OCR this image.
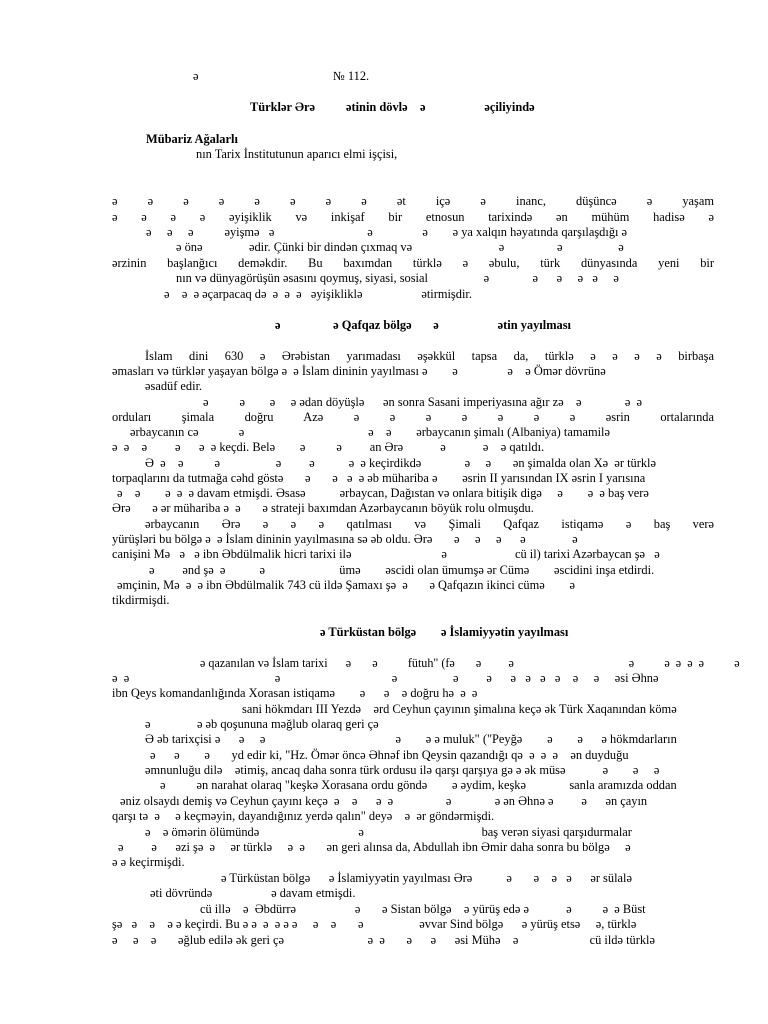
ə	№ 112.
Türklər Ərə          ətinin dövlə    ə                   əçiliyində
Mübariz Ağalarlı
nın Tarix İnstitutunun aparıcı elmi işçisi,
ə ə ə ə ə ə ə ə ət içə ə inanc, düşüncə ə yaşam
ə ə ə ə əyişiklik və inkişaf bir etnosun tarixində ən mühüm hadisə ə
ə     ə     ə          əyişmə   ə                              ə                ə        ə ya xalqın həyatında qarşılaşdığı ə
ə önə               ədir. Çünki bir dindən çıxmaq və                            ə                 ə                  ə
ərzinin başlanğıcı deməkdir. Bu baxımdan türklə ə əbulu, türk dünyasında yeni bir
nın və dünyagörüşün əsasını qoymuş, siyasi, sosial                  ə              ə      ə     ə   ə     ə
ə    ə  ə əçarpacaq də  ə  ə  ə   əyişikliklə                   ətirmişdir.
ə                 ə Qafqaz bölgə       ə                   ətin yayılması
İslam dini 630 ə Ərəbistan yarımadası əşəkkül tapsa da, türklə ə ə ə ə birbaşa
əmasları və türklər yaşayan bölgə ə  ə İslam dininin yayılması ə        ə                ə    ə Ömər dövrünə
əsadüf edir.
ə          ə        ə     ə ədan döyüşlə      ən sonra Sasani imperiyasına ağır zə    ə              ə  ə
orduları şimala doğru Azə ə ə ə ə ə ə ə əsrin ortalarında
ərbaycanın cə             ə                                        ə    ə        ərbaycanın şimalı (Albaniya) tamamilə
ə  ə    ə         ə      ə  ə keçdi. Belə        ə          ə         an Ərə            ə            ə    ə qatıldı.
Ə  ə    ə          ə                  ə         ə           ə  ə keçirdikdə              ə     ə       ən şimalda olan Xə  ər türklə
torpaqlarını da tutmağa cəhd göstə       ə       ə   ə  ə əb mühariba ə        əsrin II yarısından IX əsrin I yarısına
ə    ə        ə  ə  ə davam etmişdi. Əsasə           ərbaycan, Dağıstan və onlara bitişik digə     ə        ə  ə baş verə
Ərə       ə ər mühariba ə  ə       ə strateji baxımdan Azərbaycanın böyük rolu olmuşdu.
ərbaycanın Ərə ə ə ə qatılması və Şimali Qafqaz istiqamə ə baş verə
yürüşləri bu bölgə ə  ə İslam dininin yayılmasına sə əb oldu. Ərə       ə     ə     ə      ə               ə
canişini Mə   ə   ə ibn Əbdülmalik hicri tarixi ilə                             ə                      cü il) tarixi Azərbaycan şə   ə
ə         ənd şə  ə           ə                        ümə        əscidi olan ümumşə ər Cümə        əscidini inşa etdirdi.
əmçinin, Mə  ə  ə ibn Əbdülmalik 743 cü ildə Şamaxı şə  ə       ə Qafqazın ikinci cümə        ə
tikdirmişdi.
ə Türküstan bölgə        ə İslamiyyətin yayılması
ə qazanılan və İslam tarixi      ə       ə          fütuh" (fə       ə         ə                                      ə          ə  ə  ə  ə          ə
ə  ə                                               ə                                    ə                  ə         ə      ə   ə   ə   ə    ə     ə     əsi Əhnə
ibn Qeys komandanlığında Xorasan istiqamə        ə      ə    ə doğru hə  ə  ə
sani hökmdarı III Yezdə    ərd Ceyhun çayının şimalına keçə ək Türk Xaqanından kömə
ə               ə əb qoşununa məğlub olaraq geri çə
Ə əb tarixçisi ə      ə     ə                                          ə        ə ə muluk" ("Peyğə        ə        ə      ə hökmdarların
ə      ə        ə       yd edir ki, "Hz. Ömər öncə Əhnəf ibn Qeysin qazandığı qə  ə  ə  ə    ən duyduğu
əmnunluğu dilə    ətimiş, ancaq daha sonra türk ordusu ilə qarşı qarşıya gə ə ək müsə            ə        ə     ə
ə          ən narahat olaraq "keşkə Xorasana ordu göndə        ə əydim, keşkə              sanla aramızda oddan
əniz olsaydı demiş və Ceyhun çayını keçə  ə    ə      ə  ə                 ə              ə ən Əhnə ə         ə      ən çayın
qarşı tə  ə     ə keçməyin, dayandığınız yerdə qalın" deyə    ə  ər göndərmişdi.
ə    ə ömərin ölümündə                                ə                                      baş verən siyasi qarşıdurmalar
ə         ə      əzi şə  ə     ər türklə     ə  ə       ən geri alınsa da, Abdullah ibn Əmir daha sonra bu bölgə     ə
ə ə keçirmişdi.
ə Türküstan bölgə      ə İslamiyyətin yayılması Ərə           ə       ə    ə   ə      ər sülalə
əti dövründə                   ə davam etmişdi.
cü illə    ə  Əbdürrə                   ə       ə Sistan bölgə    ə yürüş edə ə            ə          ə  ə Büst
şə   ə    ə    ə ə keçirdi. Bu ə ə  ə  ə ə ə     ə    ə       ə                  əvvar Sind bölgə      ə yürüş etsə     ə, türklə
ə     ə    ə       əğlub edilə ək geri çə                           ə  ə       ə      ə      əsi Mühə    ə                       cü ildə türklə
